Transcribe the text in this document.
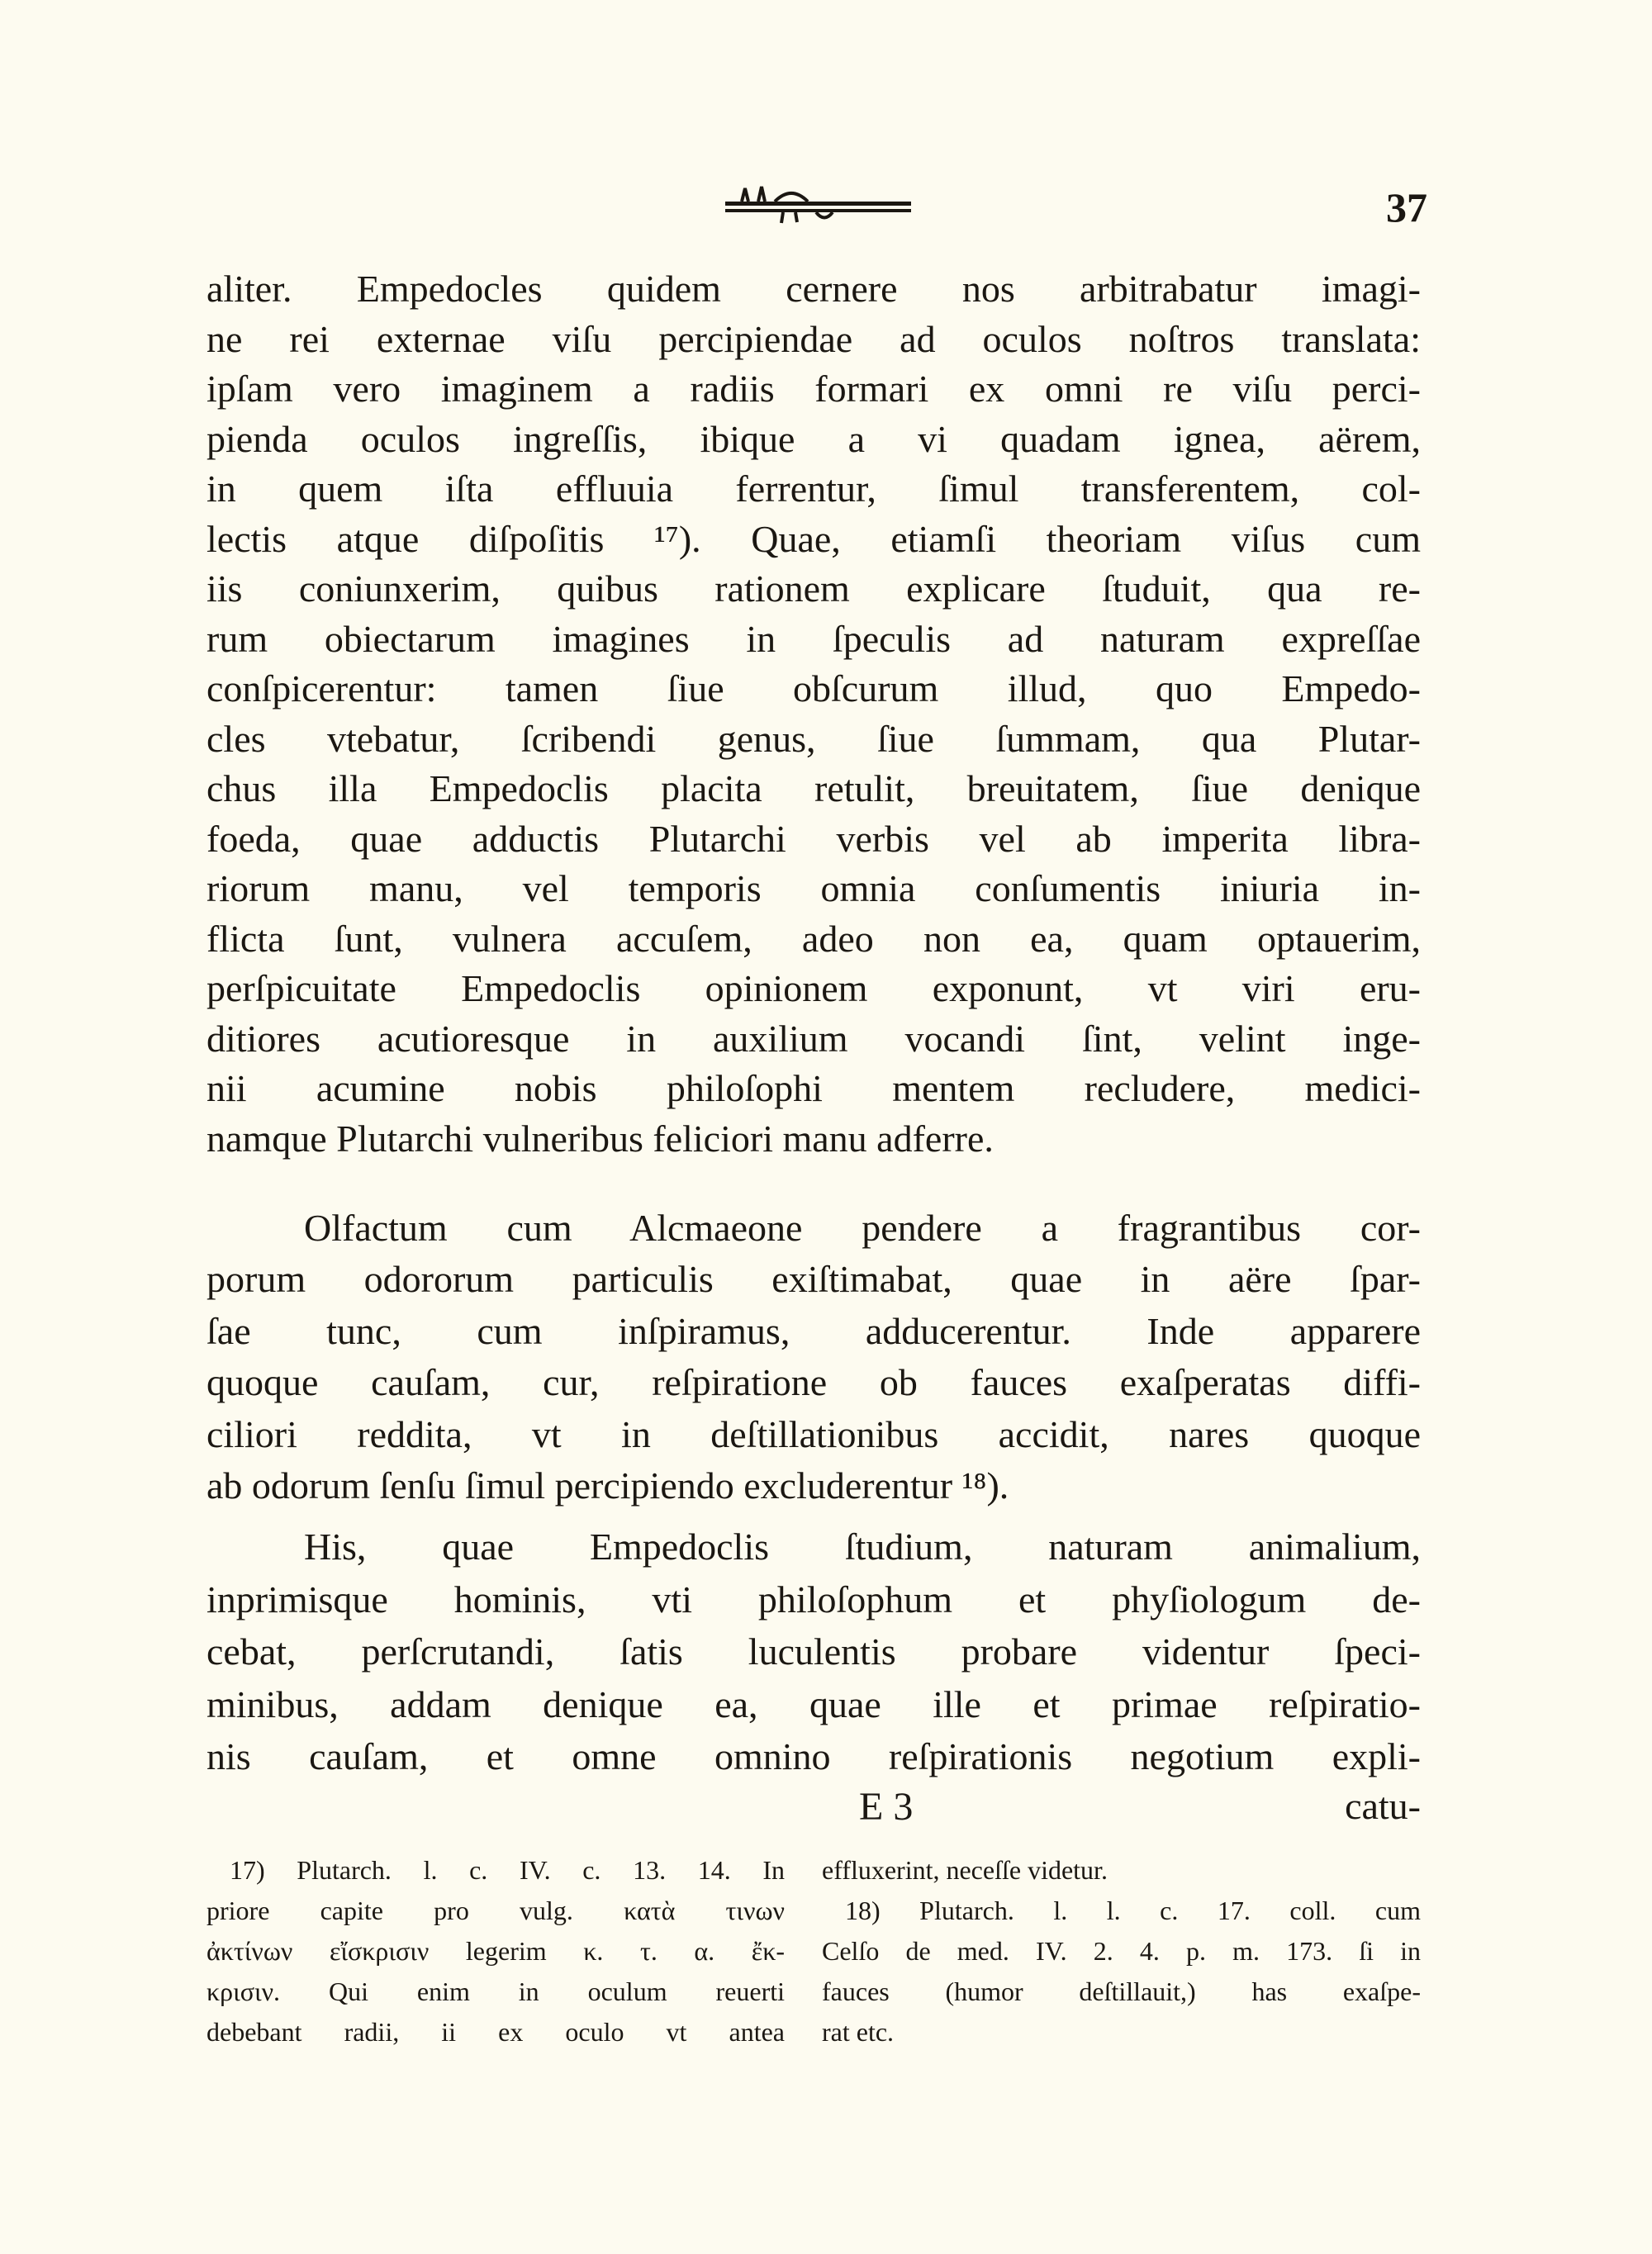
37
aliter. Empedocles quidem cernere nos arbitrabatur imagi-
ne rei externae viſu percipiendae ad oculos noſtros translata:
ipſam vero imaginem a radiis formari ex omni re viſu perci-
pienda oculos ingreſſis, ibique a vi quadam ignea, aërem,
in quem iſta effluuia ferrentur, ſimul transferentem, col-
lectis atque diſpoſitis ¹⁷). Quae, etiamſi theoriam viſus cum
iis coniunxerim, quibus rationem explicare ſtuduit, qua re-
rum obiectarum imagines in ſpeculis ad naturam expreſſae
conſpicerentur: tamen ſiue obſcurum illud, quo Empedo-
cles vtebatur, ſcribendi genus, ſiue ſummam, qua Plutar-
chus illa Empedoclis placita retulit, breuitatem, ſiue denique
foeda, quae adductis Plutarchi verbis vel ab imperita libra-
riorum manu, vel temporis omnia conſumentis iniuria in-
flicta ſunt, vulnera accuſem, adeo non ea, quam optauerim,
perſpicuitate Empedoclis opinionem exponunt, vt viri eru-
ditiores acutioresque in auxilium vocandi ſint, velint inge-
nii acumine nobis philoſophi mentem recludere, medici-
namque Plutarchi vulneribus feliciori manu adferre.
Olfactum cum Alcmaeone pendere a fragrantibus cor-
porum odororum particulis exiſtimabat, quae in aëre ſpar-
ſae tunc, cum inſpiramus, adducerentur. Inde apparere
quoque cauſam, cur, reſpiratione ob fauces exaſperatas diffi-
ciliori reddita, vt in deſtillationibus accidit, nares quoque
ab odorum ſenſu ſimul percipiendo excluderentur ¹⁸).
His, quae Empedoclis ſtudium, naturam animalium,
inprimisque hominis, vti philoſophum et phyſiologum de-
cebat, perſcrutandi, ſatis luculentis probare videntur ſpeci-
minibus, addam denique ea, quae ille et primae reſpiratio-
nis cauſam, et omne omnino reſpirationis negotium expli-
E 3	catu-
17) Plutarch. l. c. IV. c. 13. 14. In
priore capite pro vulg. κατὰ τινων
ἀκτίνων εἴσκρισιν legerim κ. τ. α. ἔκ-
κρισιν. Qui enim in oculum reuerti
debebant radii, ii ex oculo vt antea
effluxerint, neceſſe videtur.
18) Plutarch. l. l. c. 17. coll. cum
Celſo de med. IV. 2. 4. p. m. 173. ſi in
fauces (humor deſtillauit,) has exaſpe-
rat etc.
